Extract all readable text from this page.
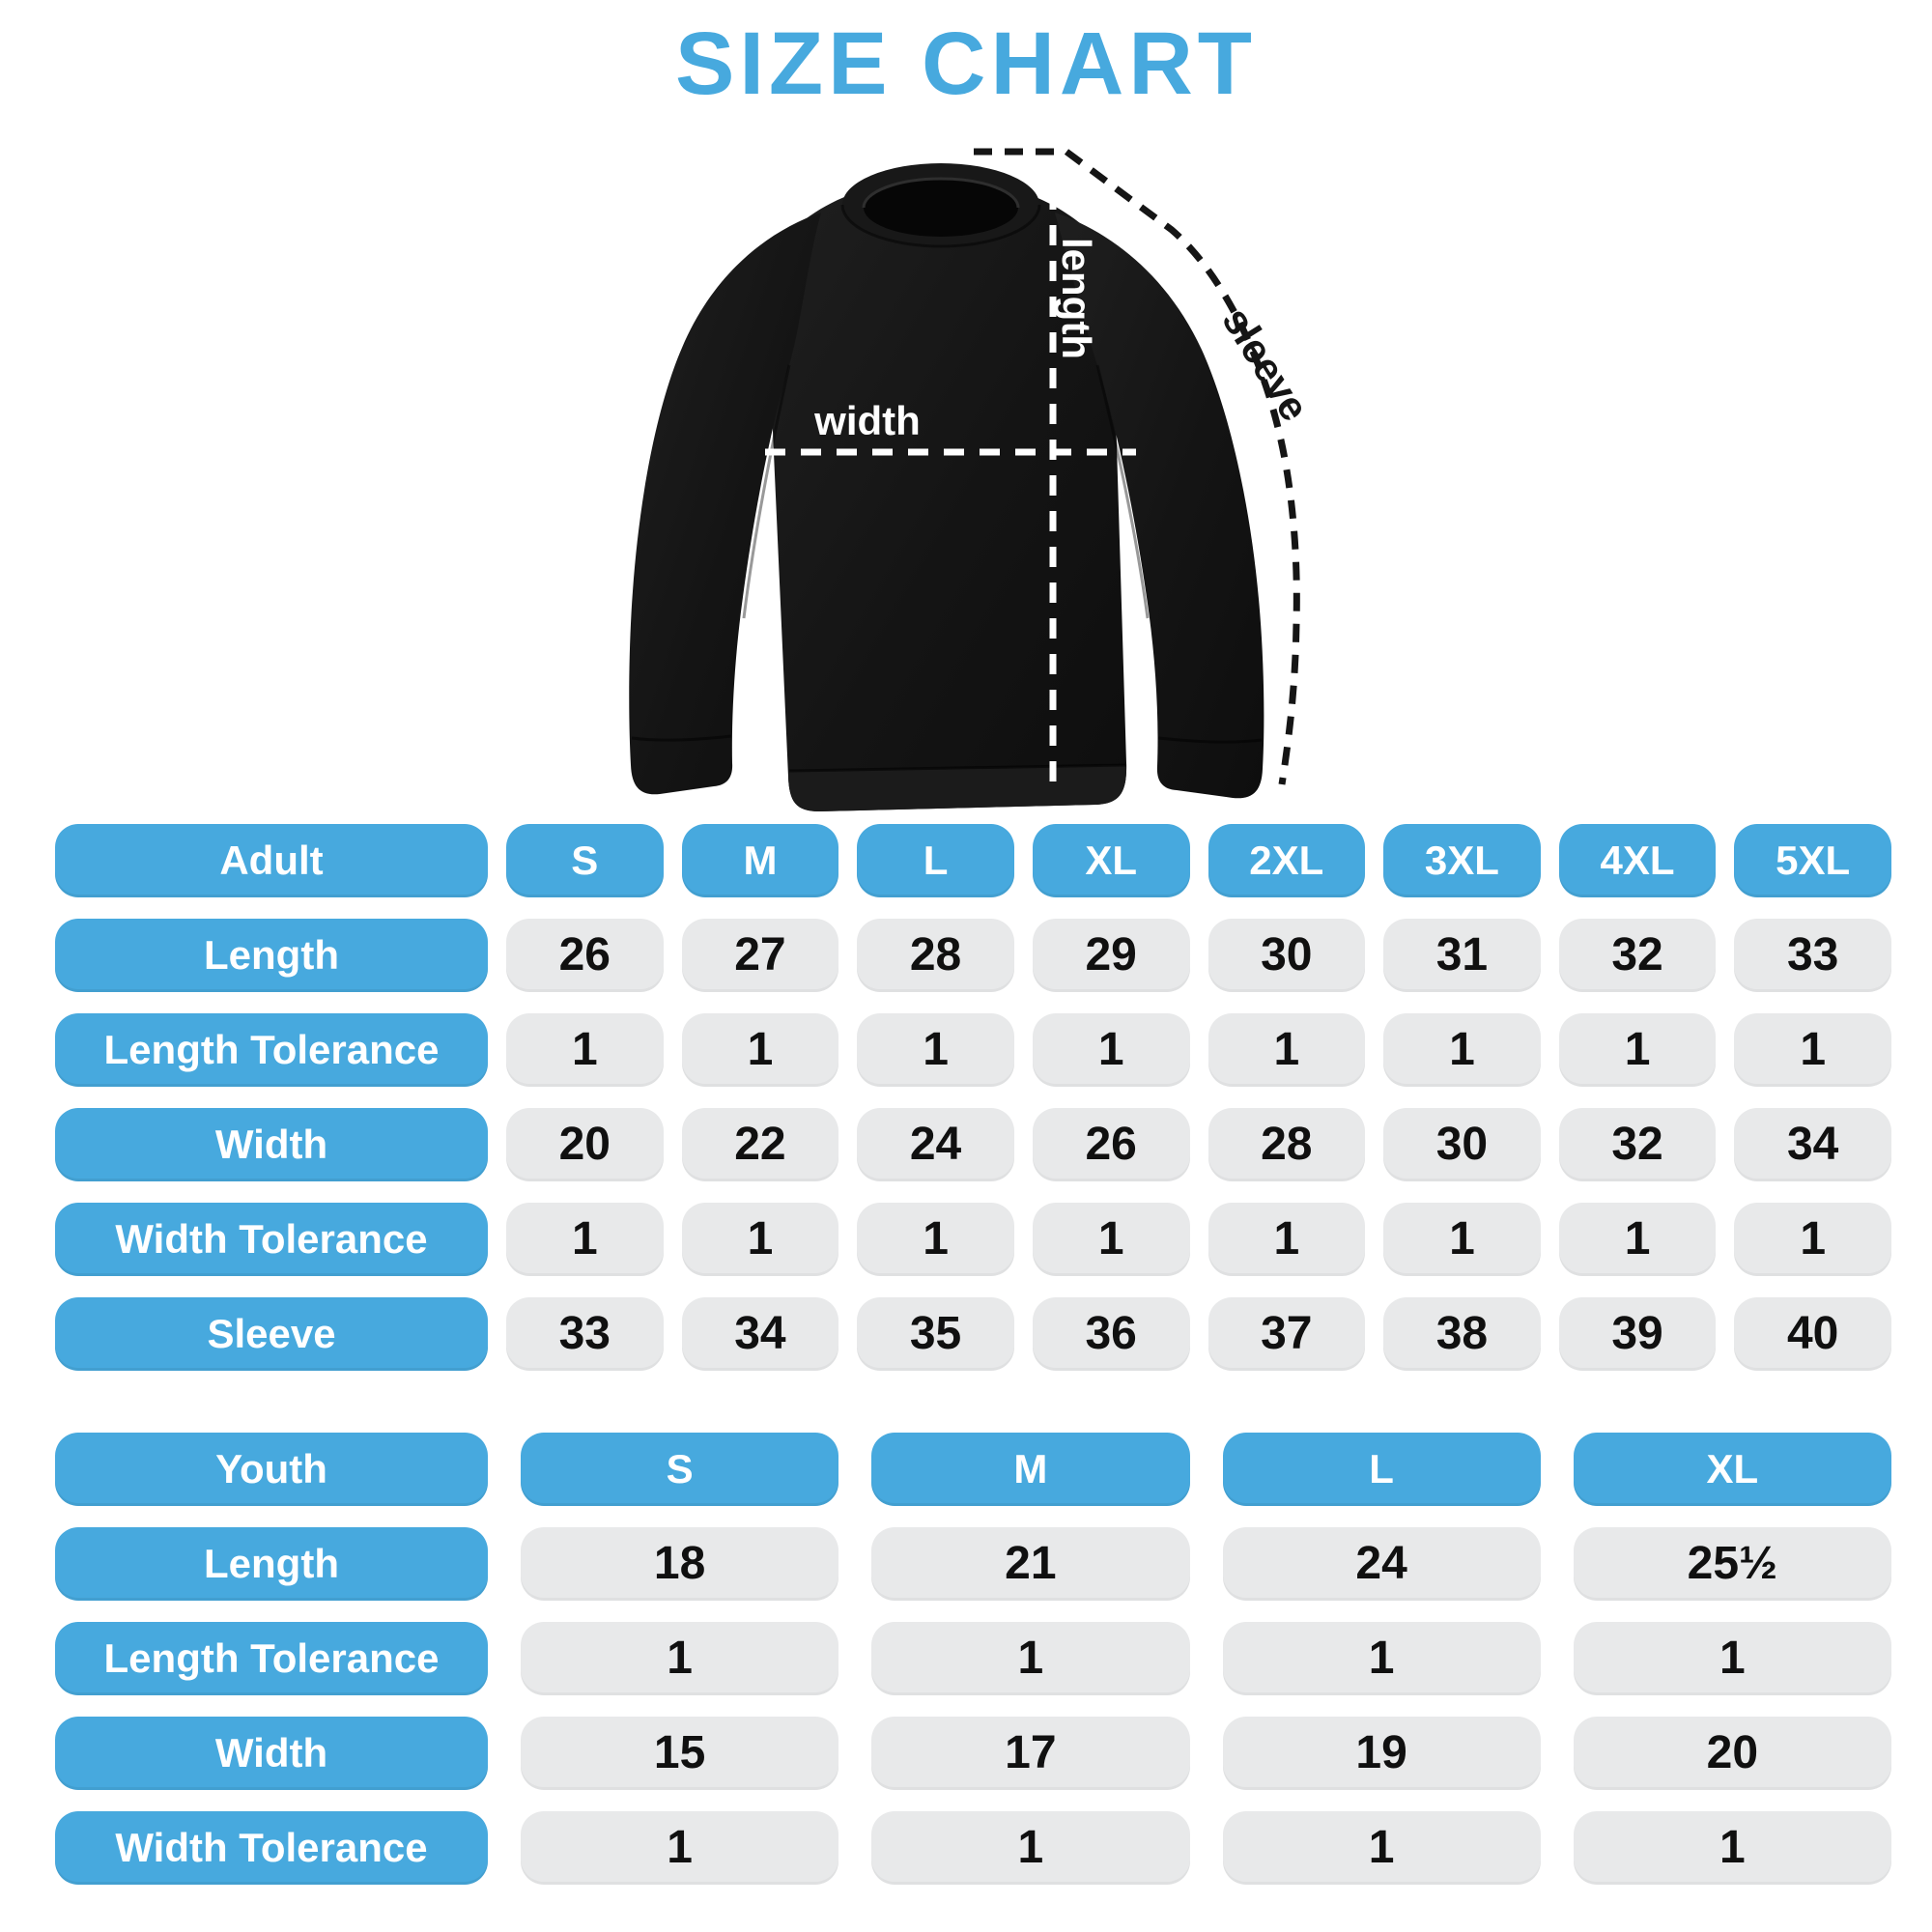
SIZE CHART
width
length
sleeve
Adult	S	M	L	XL	2XL	3XL	4XL	5XL
Length	26	27	28	29	30	31	32	33
Length Tolerance	1	1	1	1	1	1	1	1
Width	20	22	24	26	28	30	32	34
Width Tolerance	1	1	1	1	1	1	1	1
Sleeve	33	34	35	36	37	38	39	40
Youth	S	M	L	XL
Length	18	21	24	25½
Length Tolerance	1	1	1	1
Width	15	17	19	20
Width Tolerance	1	1	1	1
